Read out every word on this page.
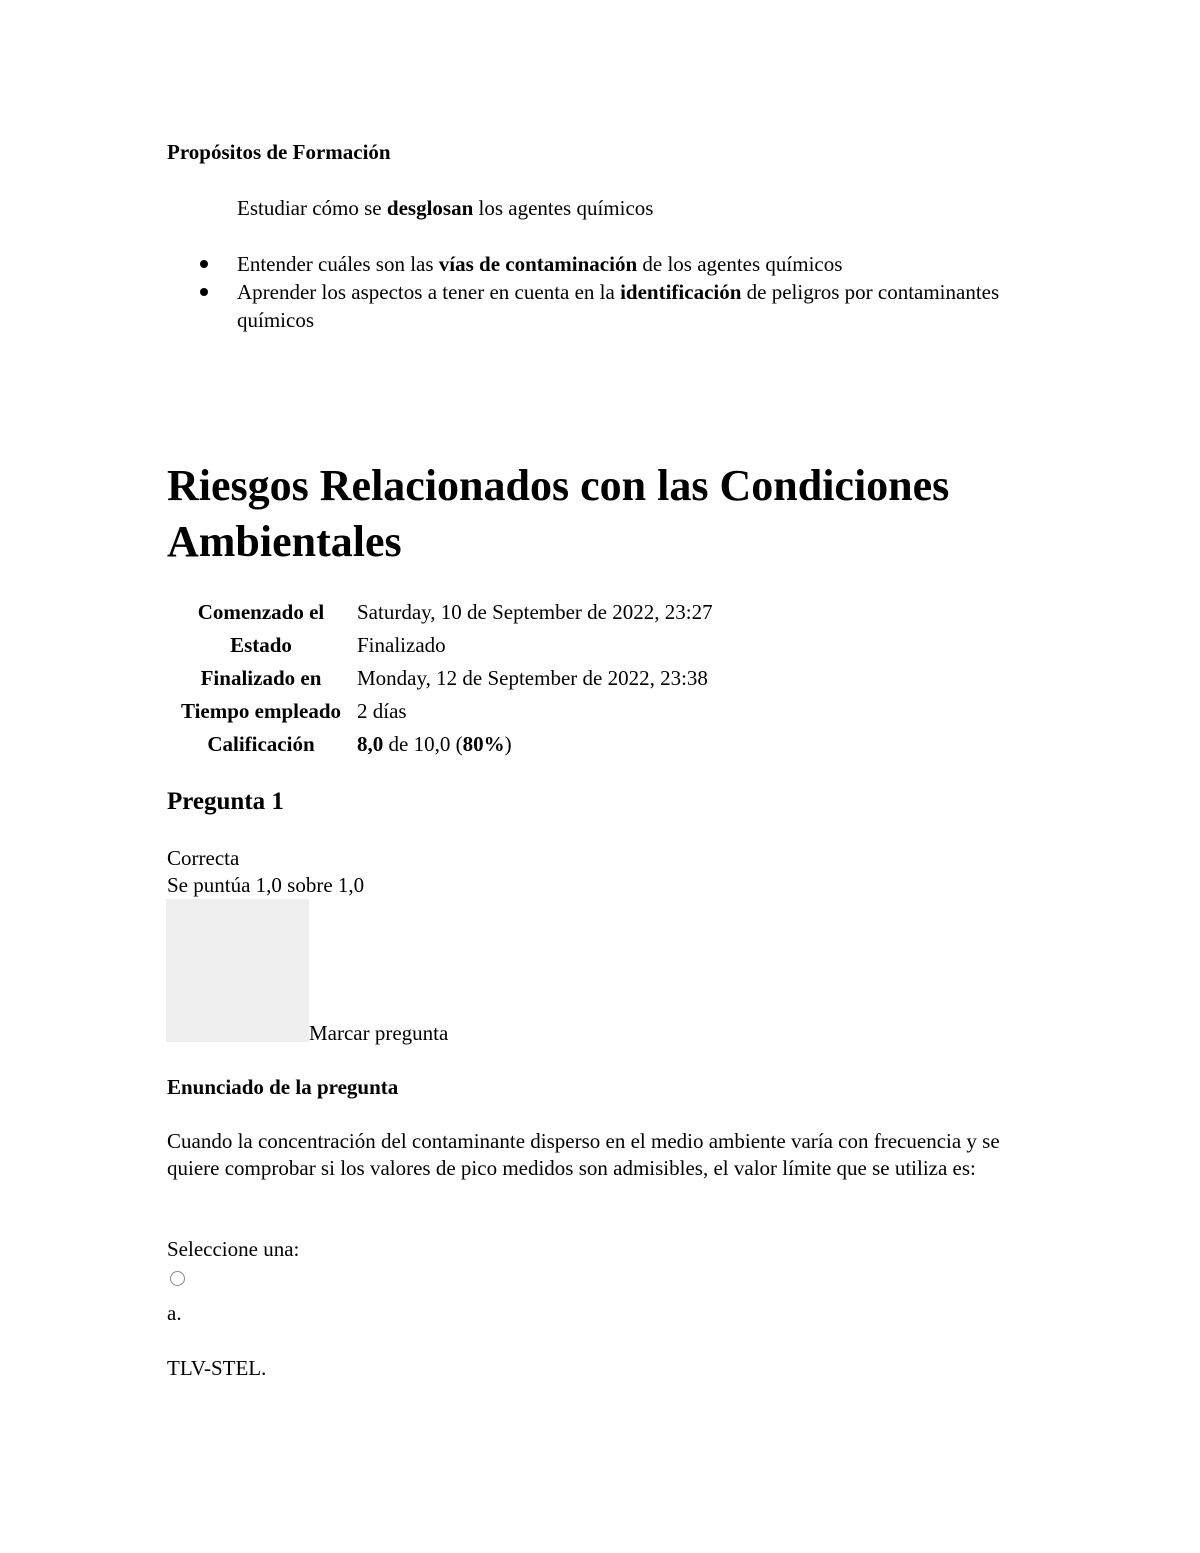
Propósitos de Formación
Estudiar cómo se desglosan los agentes químicos
Entender cuáles son las vías de contaminación de los agentes químicos
Aprender los aspectos a tener en cuenta en la identificación de peligros por contaminantes químicos
Riesgos Relacionados con las Condiciones Ambientales
Comenzado el	Saturday, 10 de September de 2022, 23:27
Estado	Finalizado
Finalizado en	Monday, 12 de September de 2022, 23:38
Tiempo empleado	2 días
Calificación	8,0 de 10,0 (80%)
Pregunta 1
Correcta
Se puntúa 1,0 sobre 1,0
Marcar pregunta
Enunciado de la pregunta
Cuando la concentración del contaminante disperso en el medio ambiente varía con frecuencia y se quiere comprobar si los valores de pico medidos son admisibles, el valor límite que se utiliza es:
Seleccione una:
a.
TLV-STEL.
